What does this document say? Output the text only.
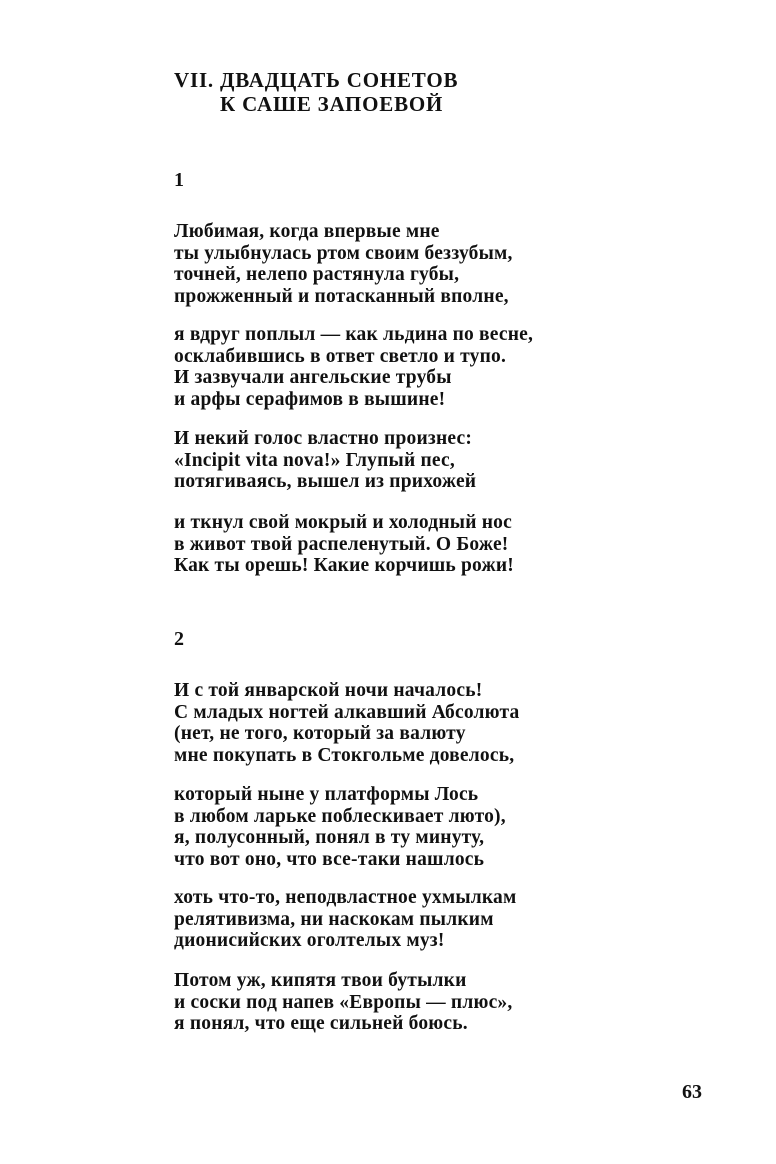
VII. ДВАДЦАТЬ СОНЕТОВ
К САШЕ ЗАПОЕВОЙ
1
Любимая, когда впервые мне
ты улыбнулась ртом своим беззубым,
точней, нелепо растянула губы,
прожженный и потасканный вполне,
я вдруг поплыл — как льдина по весне,
осклабившись в ответ светло и тупо.
И зазвучали ангельские трубы
и арфы серафимов в вышине!
И некий голос властно произнес:
«Incipit vita nova!» Глупый пес,
потягиваясь, вышел из прихожей
и ткнул свой мокрый и холодный нос
в живот твой распеленутый. О Боже!
Как ты орешь! Какие корчишь рожи!
2
И с той январской ночи началось!
С младых ногтей алкавший Абсолюта
(нет, не того, который за валюту
мне покупать в Стокгольме довелось,
который ныне у платформы Лось
в любом ларьке поблескивает люто),
я, полусонный, понял в ту минуту,
что вот оно, что все-таки нашлось
хоть что-то, неподвластное ухмылкам
релятивизма, ни наскокам пылким
дионисийских оголтелых муз!
Потом уж, кипятя твои бутылки
и соски под напев «Европы — плюс»,
я понял, что еще сильней боюсь.
63
